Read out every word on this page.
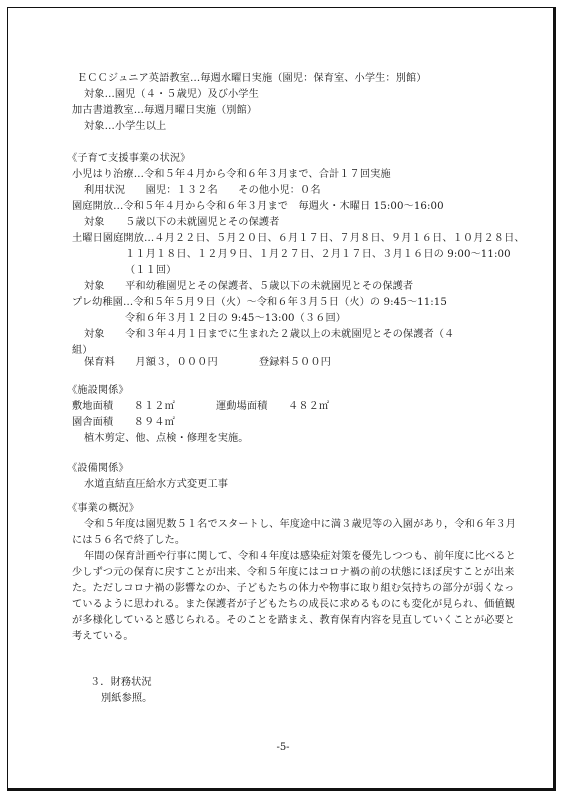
ＥＣＣジュニア英語教室…毎週水曜日実施（園児：保育室、小学生：別館）
対象…園児（４・５歳児）及び小学生
加古書道教室…毎週月曜日実施（別館）
対象…小学生以上
《子育て支援事業の状況》
小児はり治療…令和５年４月から令和６年３月まで、合計１７回実施
利用状況　　園児：１３２名　　その他小児：０名
園庭開放…令和５年４月から令和６年３月まで　毎週火・木曜日 15:00～16:00
対象　　５歳以下の未就園児とその保護者
土曜日園庭開放…４月２２日、５月２０日、６月１７日、７月８日、９月１６日、１０月２８日、
１１月１８日、１２月９日、１月２７日、２月１７日、３月１６日の 9:00～11:00
（１１回）
対象　　平和幼稚園児とその保護者、５歳以下の未就園児とその保護者
プレ幼稚園…令和５年５月９日（火）～令和６年３月５日（火）の 9:45～11:15
令和６年３月１２日の 9:45～13:00（３６回）
対象　　令和３年４月１日までに生まれた２歳以上の未就園児とその保護者（４
組）
保育料　　月額３，０００円　　　　登録料５００円
《施設関係》
敷地面積　　８１２㎡　　　　運動場面積　　４８２㎡
園舎面積　　８９４㎡
植木剪定、他、点検・修理を実施。
《設備関係》
水道直結直圧給水方式変更工事
《事業の概況》
令和５年度は園児数５１名でスタートし、年度途中に満３歳児等の入園があり，令和６年３月
には５６名で終了した。
年間の保育計画や行事に関して、令和４年度は感染症対策を優先しつつも、前年度に比べると
少しずつ元の保育に戻すことが出来、令和５年度にはコロナ禍の前の状態にほぼ戻すことが出来
た。ただしコロナ禍の影響なのか、子どもたちの体力や物事に取り組む気持ちの部分が弱くなっ
ているように思われる。また保護者が子どもたちの成長に求めるものにも変化が見られ、価値観
が多様化していると感じられる。そのことを踏まえ、教育保育内容を見直していくことが必要と
考えている。
３．財務状況
別紙参照。
-5-
